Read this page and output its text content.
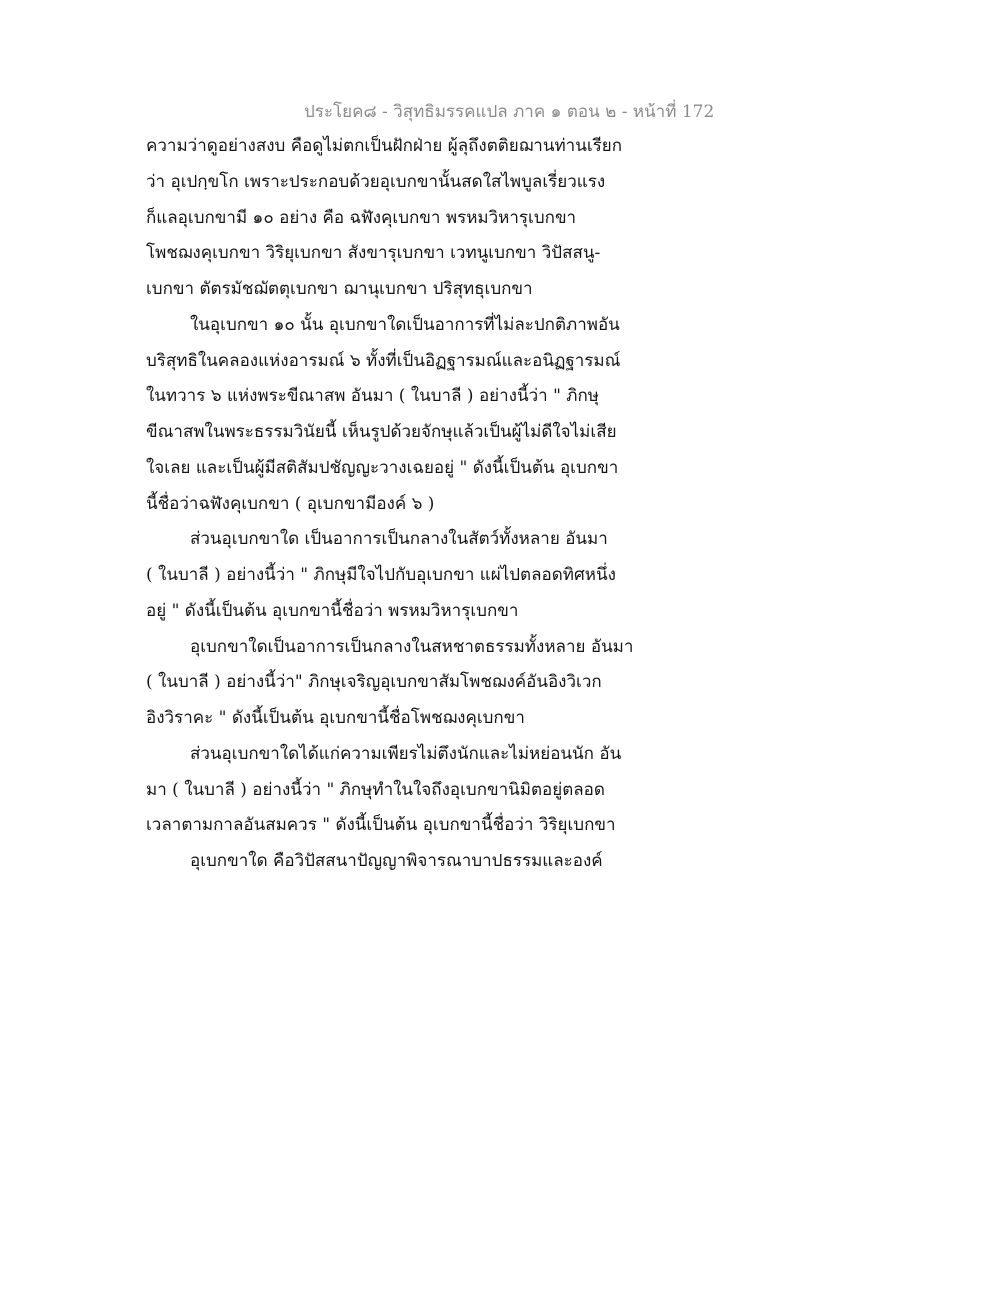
ประโยค๘ - วิสุทธิมรรคแปล ภาค ๑ ตอน ๒ - หน้าที่ 172
ความว่าดูอย่างสงบ คือดูไม่ตกเป็นฝักฝ่าย ผู้ลุถึงตติยฌานท่านเรียก
ว่า อุเปกฺขโก เพราะประกอบด้วยอุเบกขานั้นสดใสไพบูลเรี่ยวแรง
ก็แลอุเบกขามี ๑๐ อย่าง คือ ฉฬังคุเบกขา พรหมวิหารุเบกขา
โพชฌงคุเบกขา วิริยุเบกขา สังขารุเบกขา เวทนูเบกขา วิปัสสนู-
เบกขา ตัตรมัชฌัตตุเบกขา ฌานุเบกขา ปริสุทธุเบกขา
ในอุเบกขา ๑๐ นั้น อุเบกขาใดเป็นอาการที่ไม่ละปกติภาพอัน
บริสุทธิในคลองแห่งอารมณ์ ๖ ทั้งที่เป็นอิฏฐารมณ์และอนิฏฐารมณ์
ในทวาร ๖ แห่งพระขีณาสพ อันมา ( ในบาลี ) อย่างนี้ว่า " ภิกษุ
ขีณาสพในพระธรรมวินัยนี้ เห็นรูปด้วยจักษุแล้วเป็นผู้ไม่ดีใจไม่เสีย
ใจเลย และเป็นผู้มีสติสัมปชัญญะวางเฉยอยู่ " ดังนี้เป็นต้น อุเบกขา
นี้ชื่อว่าฉฬังคุเบกขา ( อุเบกขามีองค์ ๖ )
ส่วนอุเบกขาใด เป็นอาการเป็นกลางในสัตว์ทั้งหลาย อันมา
( ในบาลี ) อย่างนี้ว่า " ภิกษุมีใจไปกับอุเบกขา แผ่ไปตลอดทิศหนึ่ง
อยู่ " ดังนี้เป็นต้น อุเบกขานี้ชื่อว่า พรหมวิหารุเบกขา
อุเบกขาใดเป็นอาการเป็นกลางในสหชาตธรรมทั้งหลาย อันมา
( ในบาลี ) อย่างนี้ว่า" ภิกษุเจริญอุเบกขาสัมโพชฌงค์อันอิงวิเวก
อิงวิราคะ " ดังนี้เป็นต้น อุเบกขานี้ชื่อโพชฌงคุเบกขา
ส่วนอุเบกขาใดได้แก่ความเพียรไม่ตึงนักและไม่หย่อนนัก อัน
มา ( ในบาลี ) อย่างนี้ว่า " ภิกษุทำในใจถึงอุเบกขานิมิตอยู่ตลอด
เวลาตามกาลอันสมควร " ดังนี้เป็นต้น อุเบกขานี้ชื่อว่า วิริยุเบกขา
อุเบกขาใด คือวิปัสสนาปัญญาพิจารณาบาปธรรมและองค์
